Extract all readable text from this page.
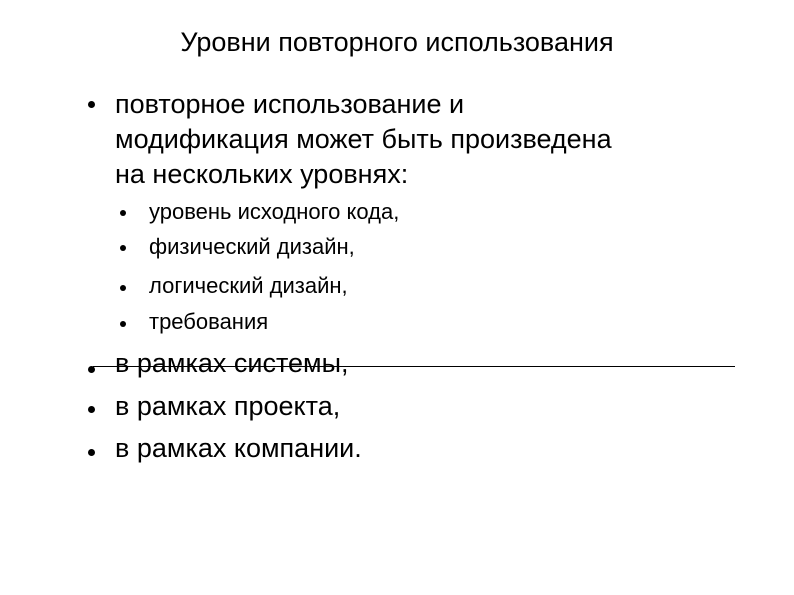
Уровни повторного использования
повторное использование и
модификация может быть произведена
на нескольких уровнях:
уровень исходного кода,
физический дизайн,
логический дизайн,
требования
в рамках системы,
в рамках проекта,
в рамках компании.
